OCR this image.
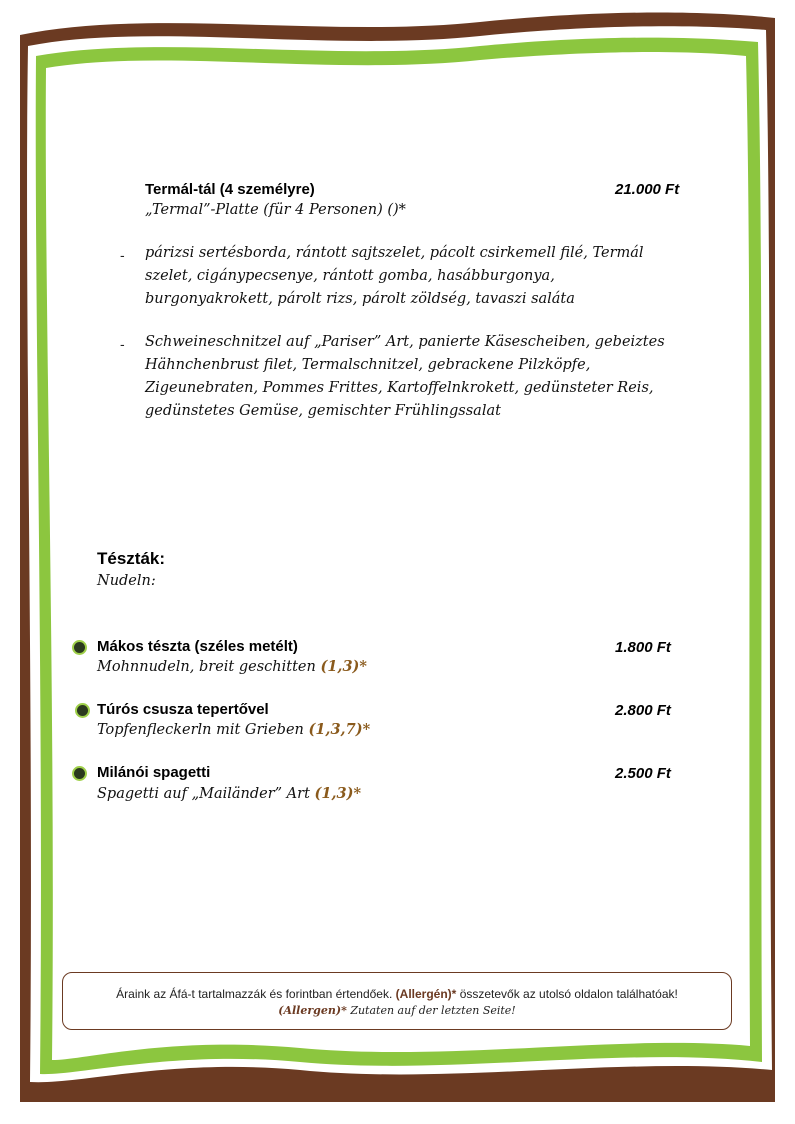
Termál-tál (4 személyre)	21.000 Ft
„Termal”-Platte (für 4 Personen) ()*
- párizsi sertésborda, rántott sajtszelet, pácolt csirkemell filé, Termál
szelet, cigánypecsenye, rántott gomba, hasábburgonya,
burgonyakrokett, párolt rizs, párolt zöldség, tavaszi saláta
- Schweineschnitzel auf „Pariser” Art, panierte Käsescheiben, gebeiztes
Hähnchenbrust filet, Termalschnitzel, gebrackene Pilzköpfe,
Zigeunebraten, Pommes Frittes, Kartoffelnkrokett, gedünsteter Reis,
gedünstetes Gemüse, gemischter Frühlingssalat
Tészták:
Nudeln:
Mákos tészta (széles metélt)	1.800 Ft
Mohnnudeln, breit geschitten (1,3)*
Túrós csusza tepertővel	2.800 Ft
Topfenfleckerln mit Grieben (1,3,7)*
Milánói spagetti	2.500 Ft
Spagetti auf „Mailänder” Art (1,3)*
Áraink az Áfá-t tartalmazzák és forintban értendőek. (Allergén)* összetevők az utolsó oldalon találhatóak!
(Allergen)* Zutaten auf der letzten Seite!
